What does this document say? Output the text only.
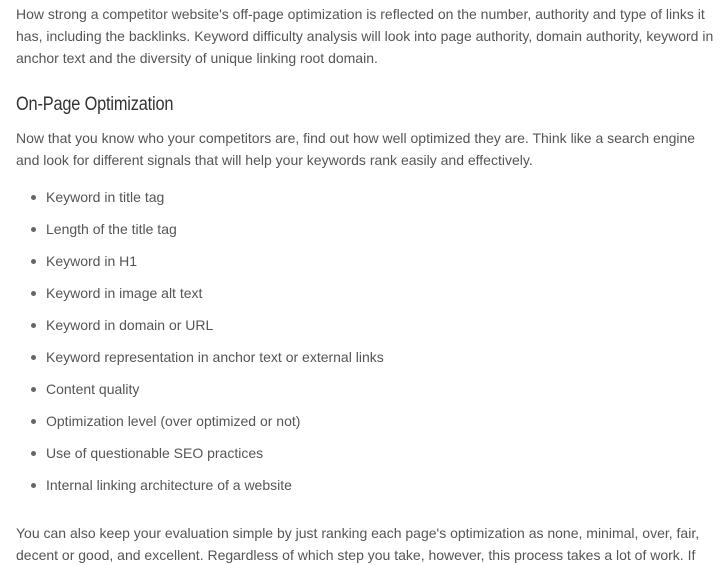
How strong a competitor website's off-page optimization is reflected on the number, authority and type of links it
has, including the backlinks. Keyword difficulty analysis will look into page authority, domain authority, keyword in
anchor text and the diversity of unique linking root domain.

On-Page Optimization

Now that you know who your competitors are, find out how well optimized they are. Think like a search engine
and look for different signals that will help your keywords rank easily and effectively.

Keyword in title tag
Length of the title tag
Keyword in H1
Keyword in image alt text
Keyword in domain or URL
Keyword representation in anchor text or external links
Content quality
Optimization level (over optimized or not)
Use of questionable SEO practices
Internal linking architecture of a website

You can also keep your evaluation simple by just ranking each page's optimization as none, minimal, over, fair,
decent or good, and excellent. Regardless of which step you take, however, this process takes a lot of work. If
